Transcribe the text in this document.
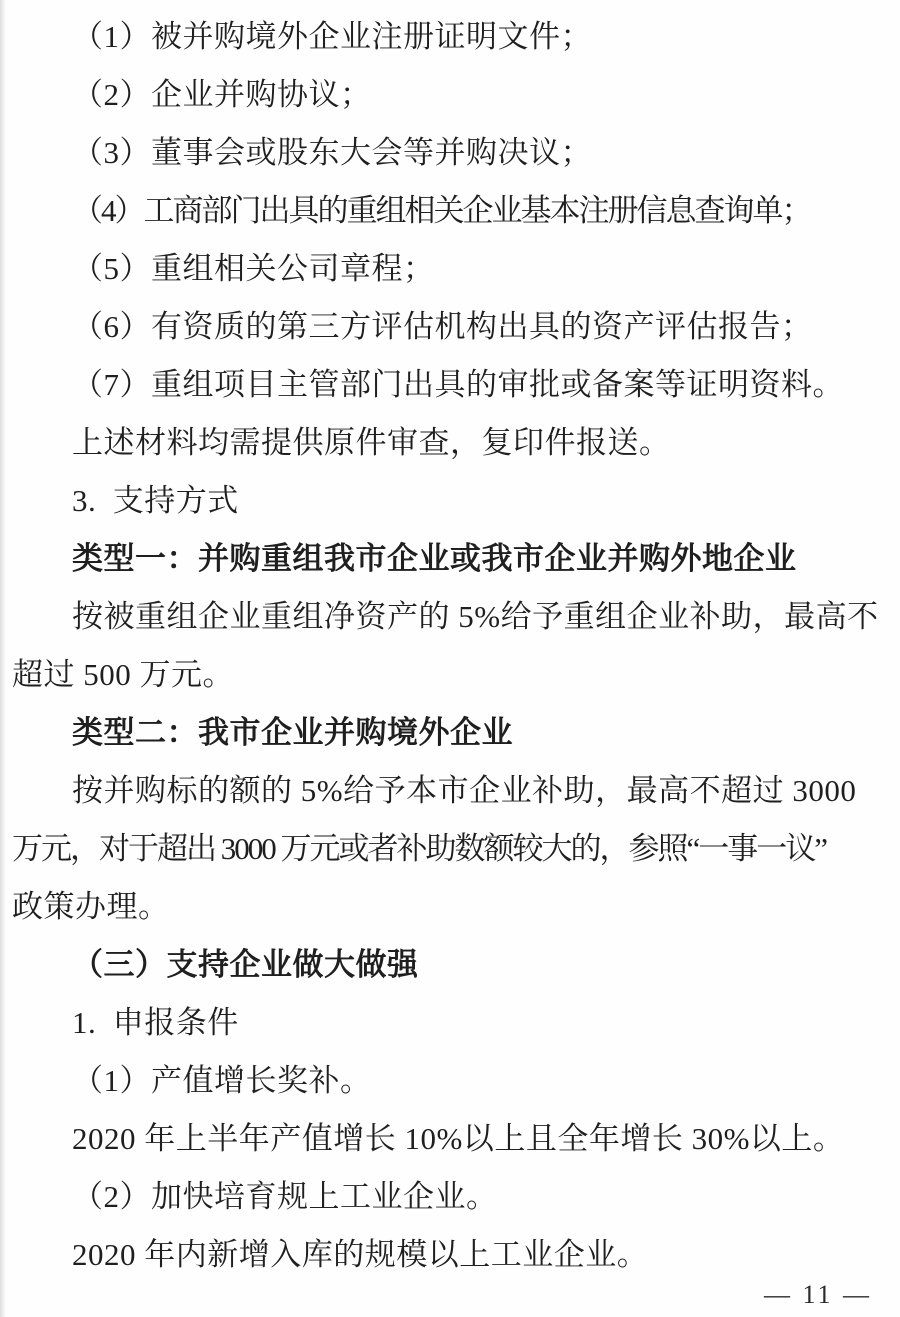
（1）被并购境外企业注册证明文件；
（2）企业并购协议；
（3）董事会或股东大会等并购决议；
（4）工商部门出具的重组相关企业基本注册信息查询单；
（5）重组相关公司章程；
（6）有资质的第三方评估机构出具的资产评估报告；
（7）重组项目主管部门出具的审批或备案等证明资料。
上述材料均需提供原件审查，复印件报送。
3.  支持方式
类型一：并购重组我市企业或我市企业并购外地企业
按被重组企业重组净资产的 5%给予重组企业补助，最高不
超过 500 万元。
类型二：我市企业并购境外企业
按并购标的额的 5%给予本市企业补助，最高不超过 3000
万元，对于超出 3000 万元或者补助数额较大的，参照“一事一议”
政策办理。
（三）支持企业做大做强
1.  申报条件
（1）产值增长奖补。
2020 年上半年产值增长 10%以上且全年增长 30%以上。
（2）加快培育规上工业企业。
2020 年内新增入库的规模以上工业企业。
— 11 —
